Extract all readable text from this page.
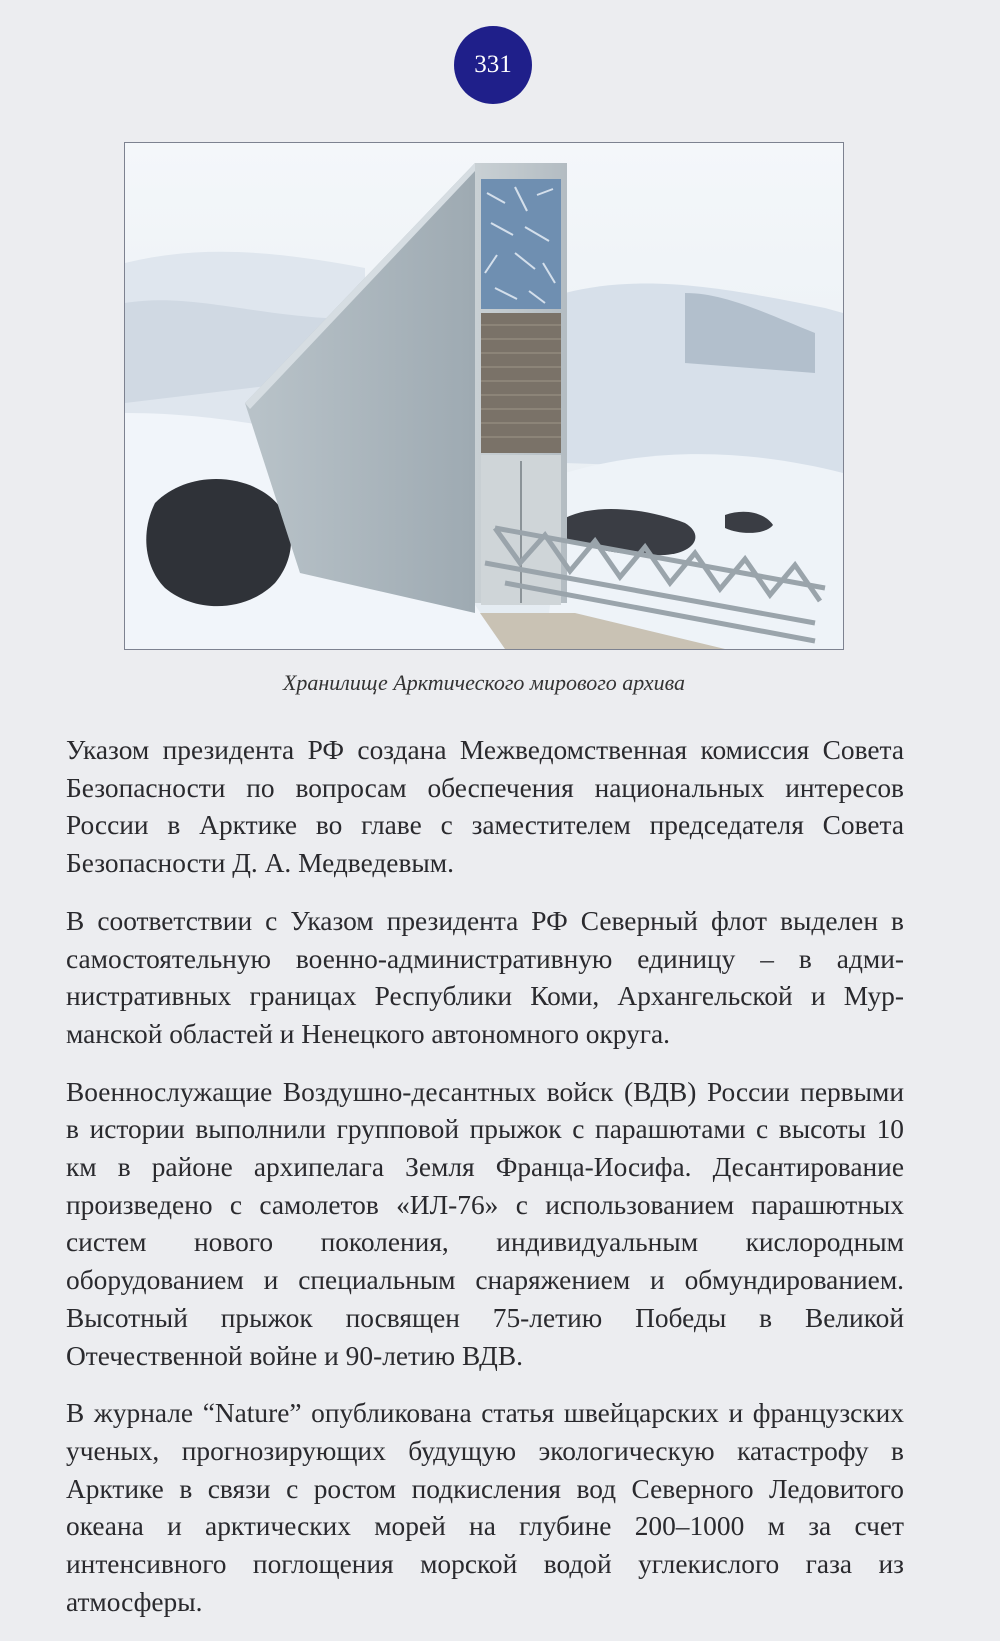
331
Хранилище Арктического мирового архива

Указом президента РФ создана Межведомственная комиссия Совета Безопасности по вопросам обеспечения национальных интересов России в Арктике во главе с заместителем председателя Совета Безопасности Д. А. Медведевым.

В соответствии с Указом президента РФ Северный флот выделен в самостоятельную военно-административную единицу – в административных границах Республики Коми, Архангельской и Мурманской областей и Ненецкого автономного округа.

Военнослужащие Воздушно-десантных войск (ВДВ) России первыми в истории выполнили групповой прыжок с парашютами с высоты 10 км в районе архипелага Земля Франца-Иосифа. Десантирование произведено с самолетов «ИЛ-76» с использованием парашютных систем нового поколения, индивидуальным кислородным оборудованием и специальным снаряжением и обмундированием. Высотный прыжок посвящен 75-летию Победы в Великой Отечественной войне и 90-летию ВДВ.

В журнале “Nature” опубликована статья швейцарских и французских ученых, прогнозирующих будущую экологическую катастрофу в Арктике в связи с ростом подкисления вод Северного Ледовитого океана и арктических морей на глубине 200–1000 м за счет интенсивного поглощения морской водой углекислого газа из атмосферы.
